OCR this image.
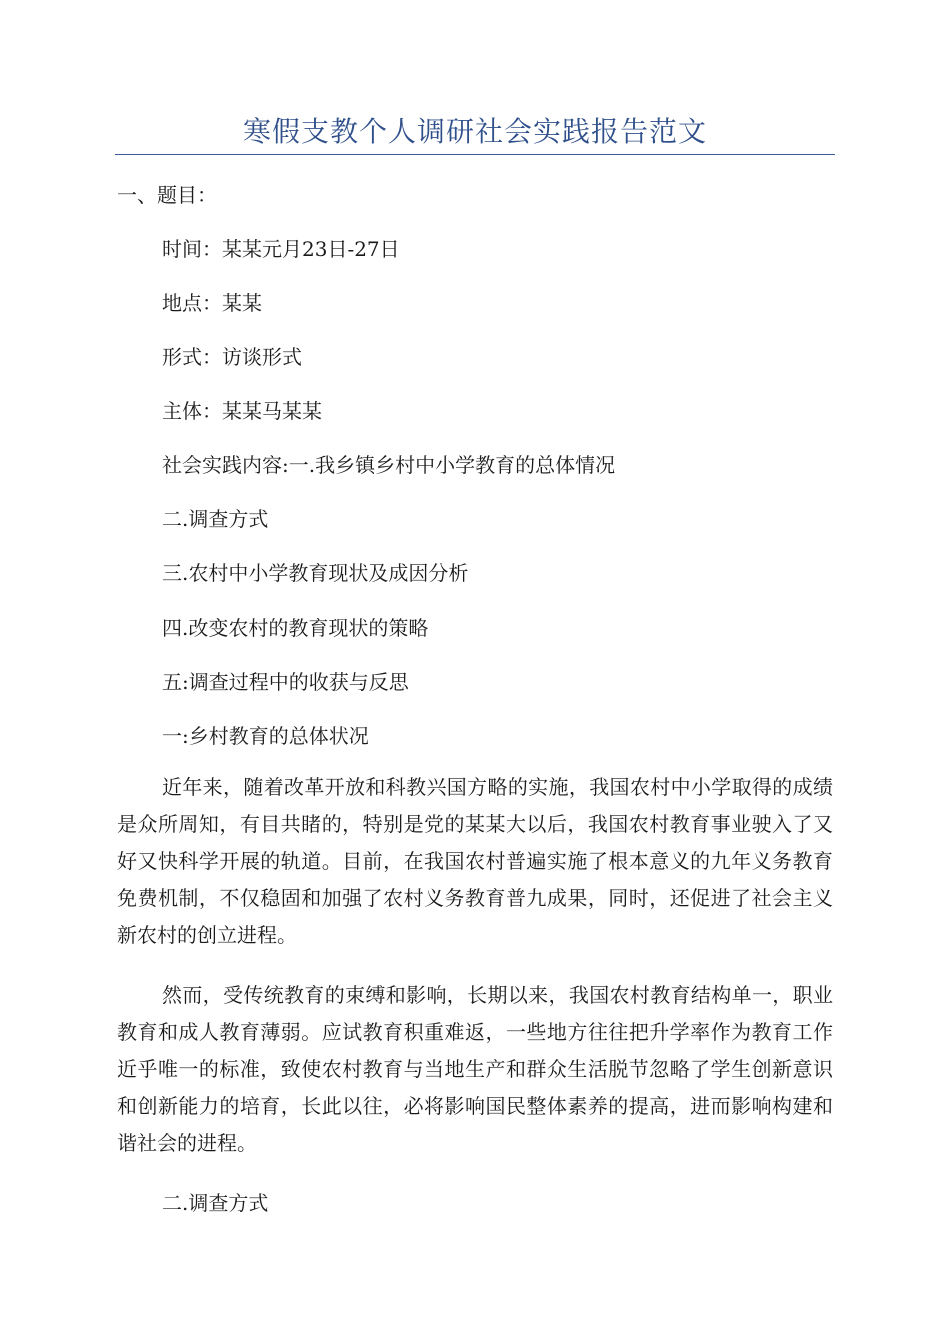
寒假支教个人调研社会实践报告范文

一、题目：

时间：某某元月23日-27日

地点：某某

形式：访谈形式

主体：某某马某某

社会实践内容:一.我乡镇乡村中小学教育的总体情况

二.调查方式

三.农村中小学教育现状及成因分析

四.改变农村的教育现状的策略

五:调查过程中的收获与反思

一:乡村教育的总体状况

近年来，随着改革开放和科教兴国方略的实施，我国农村中小学取得的成绩是众所周知，有目共睹的，特别是党的某某大以后，我国农村教育事业驶入了又好又快科学开展的轨道。目前，在我国农村普遍实施了根本意义的九年义务教育免费机制，不仅稳固和加强了农村义务教育普九成果，同时，还促进了社会主义新农村的创立进程。

然而，受传统教育的束缚和影响，长期以来，我国农村教育结构单一，职业教育和成人教育薄弱。应试教育积重难返，一些地方往往把升学率作为教育工作近乎唯一的标准，致使农村教育与当地生产和群众生活脱节忽略了学生创新意识和创新能力的培育，长此以往，必将影响国民整体素养的提高，进而影响构建和谐社会的进程。

二.调查方式
